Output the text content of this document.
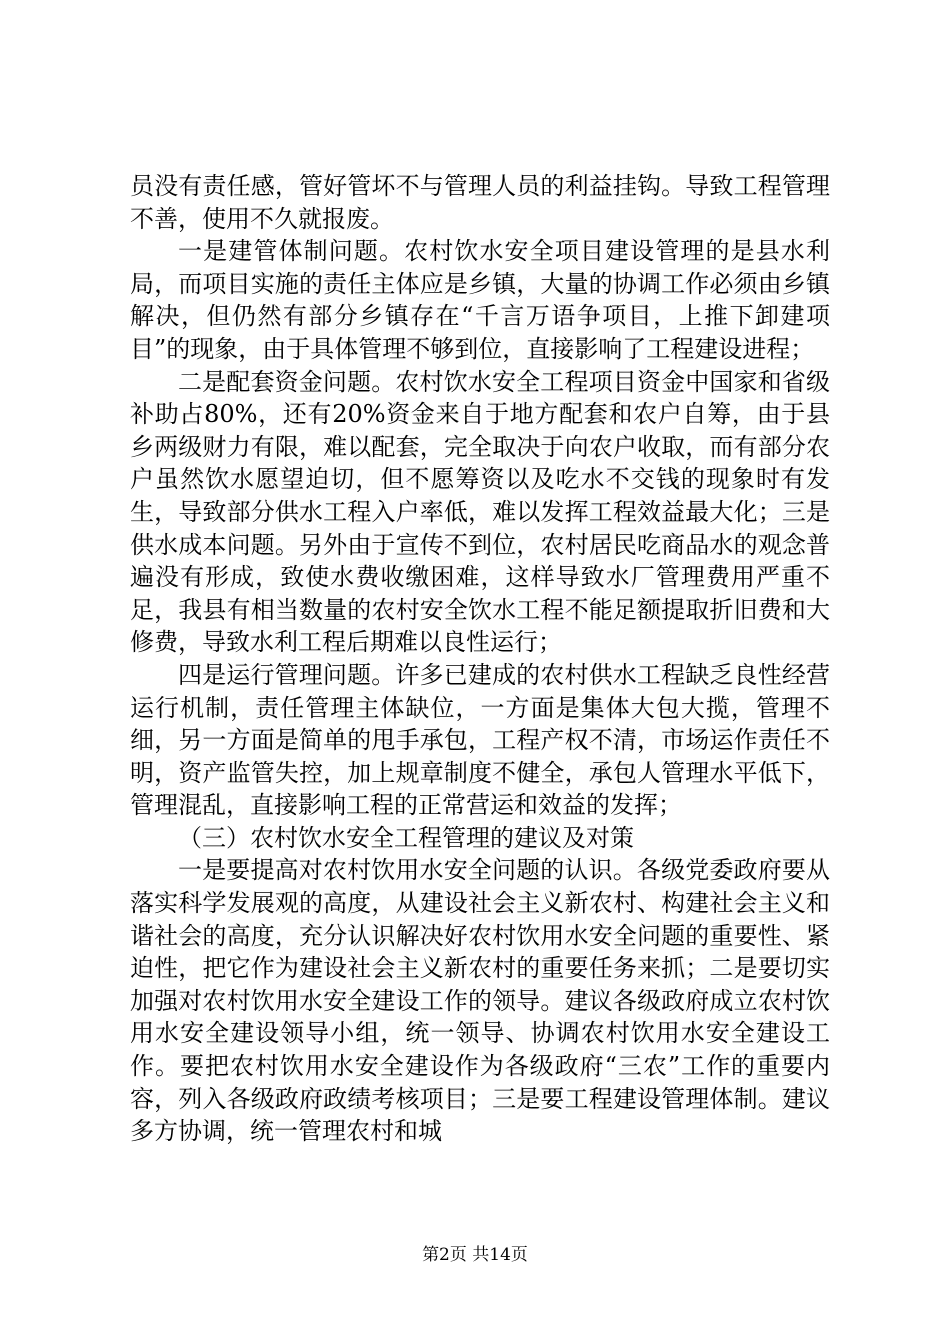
员没有责任感，管好管坏不与管理人员的利益挂钩。导致工程管理不善，使用不久就报废。

一是建管体制问题。农村饮水安全项目建设管理的是县水利局，而项目实施的责任主体应是乡镇，大量的协调工作必须由乡镇解决，但仍然有部分乡镇存在“千言万语争项目，上推下卸建项目”的现象，由于具体管理不够到位，直接影响了工程建设进程；

二是配套资金问题。农村饮水安全工程项目资金中国家和省级补助占80%，还有20%资金来自于地方配套和农户自筹，由于县乡两级财力有限，难以配套，完全取决于向农户收取，而有部分农户虽然饮水愿望迫切，但不愿筹资以及吃水不交钱的现象时有发生，导致部分供水工程入户率低，难以发挥工程效益最大化；三是供水成本问题。另外由于宣传不到位，农村居民吃商品水的观念普遍没有形成，致使水费收缴困难，这样导致水厂管理费用严重不足，我县有相当数量的农村安全饮水工程不能足额提取折旧费和大修费，导致水利工程后期难以良性运行；

四是运行管理问题。许多已建成的农村供水工程缺乏良性经营运行机制，责任管理主体缺位，一方面是集体大包大揽，管理不细，另一方面是简单的甩手承包，工程产权不清，市场运作责任不明，资产监管失控，加上规章制度不健全，承包人管理水平低下，管理混乱，直接影响工程的正常营运和效益的发挥；

（三）农村饮水安全工程管理的建议及对策

一是要提高对农村饮用水安全问题的认识。各级党委政府要从落实科学发展观的高度，从建设社会主义新农村、构建社会主义和谐社会的高度，充分认识解决好农村饮用水安全问题的重要性、紧迫性，把它作为建设社会主义新农村的重要任务来抓；二是要切实加强对农村饮用水安全建设工作的领导。建议各级政府成立农村饮用水安全建设领导小组，统一领导、协调农村饮用水安全建设工作。要把农村饮用水安全建设作为各级政府“三农”工作的重要内容，列入各级政府政绩考核项目；三是要工程建设管理体制。建议多方协调，统一管理农村和城

第2页 共14页
